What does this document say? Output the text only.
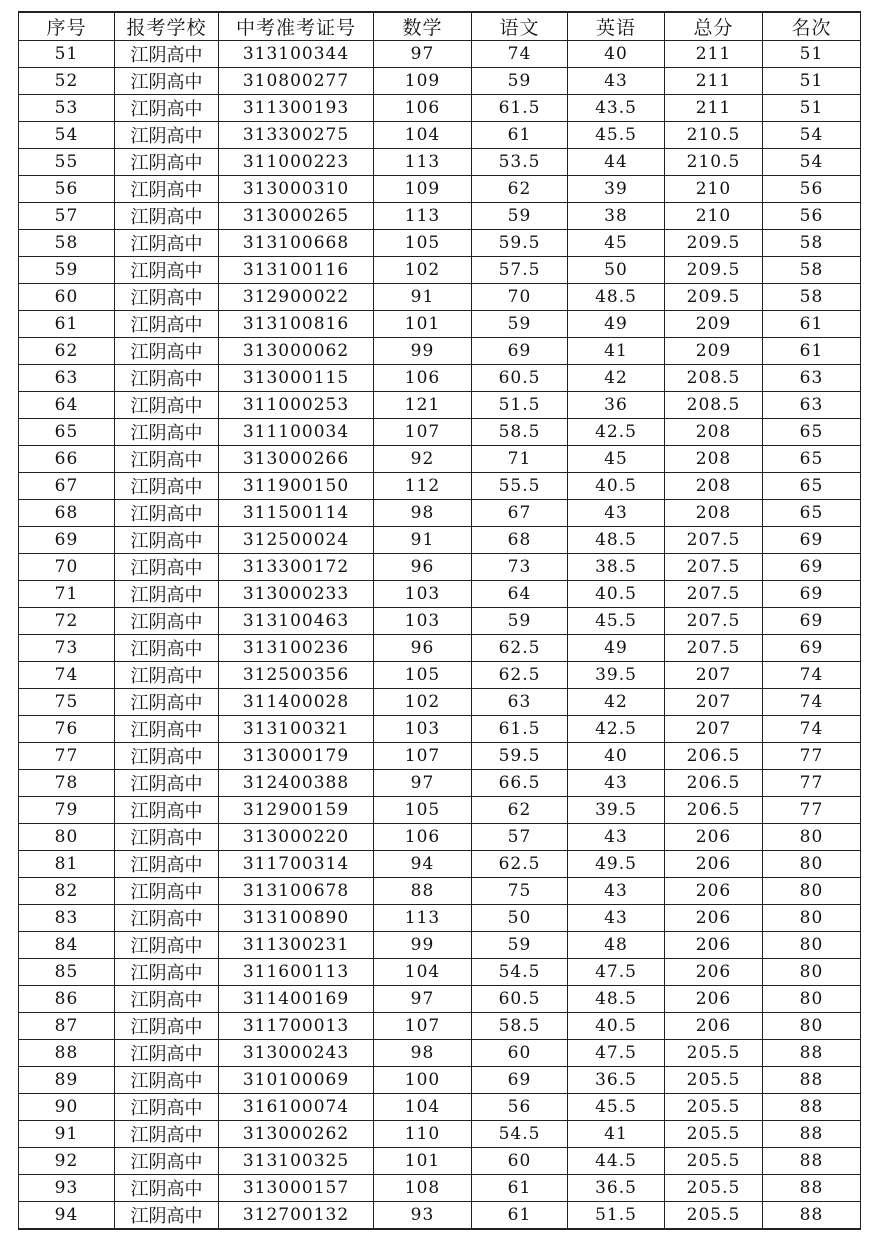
序号	报考学校	中考准考证号	数学	语文	英语	总分	名次
51	江阴高中	313100344	97	74	40	211	51
52	江阴高中	310800277	109	59	43	211	51
53	江阴高中	311300193	106	61.5	43.5	211	51
54	江阴高中	313300275	104	61	45.5	210.5	54
55	江阴高中	311000223	113	53.5	44	210.5	54
56	江阴高中	313000310	109	62	39	210	56
57	江阴高中	313000265	113	59	38	210	56
58	江阴高中	313100668	105	59.5	45	209.5	58
59	江阴高中	313100116	102	57.5	50	209.5	58
60	江阴高中	312900022	91	70	48.5	209.5	58
61	江阴高中	313100816	101	59	49	209	61
62	江阴高中	313000062	99	69	41	209	61
63	江阴高中	313000115	106	60.5	42	208.5	63
64	江阴高中	311000253	121	51.5	36	208.5	63
65	江阴高中	311100034	107	58.5	42.5	208	65
66	江阴高中	313000266	92	71	45	208	65
67	江阴高中	311900150	112	55.5	40.5	208	65
68	江阴高中	311500114	98	67	43	208	65
69	江阴高中	312500024	91	68	48.5	207.5	69
70	江阴高中	313300172	96	73	38.5	207.5	69
71	江阴高中	313000233	103	64	40.5	207.5	69
72	江阴高中	313100463	103	59	45.5	207.5	69
73	江阴高中	313100236	96	62.5	49	207.5	69
74	江阴高中	312500356	105	62.5	39.5	207	74
75	江阴高中	311400028	102	63	42	207	74
76	江阴高中	313100321	103	61.5	42.5	207	74
77	江阴高中	313000179	107	59.5	40	206.5	77
78	江阴高中	312400388	97	66.5	43	206.5	77
79	江阴高中	312900159	105	62	39.5	206.5	77
80	江阴高中	313000220	106	57	43	206	80
81	江阴高中	311700314	94	62.5	49.5	206	80
82	江阴高中	313100678	88	75	43	206	80
83	江阴高中	313100890	113	50	43	206	80
84	江阴高中	311300231	99	59	48	206	80
85	江阴高中	311600113	104	54.5	47.5	206	80
86	江阴高中	311400169	97	60.5	48.5	206	80
87	江阴高中	311700013	107	58.5	40.5	206	80
88	江阴高中	313000243	98	60	47.5	205.5	88
89	江阴高中	310100069	100	69	36.5	205.5	88
90	江阴高中	316100074	104	56	45.5	205.5	88
91	江阴高中	313000262	110	54.5	41	205.5	88
92	江阴高中	313100325	101	60	44.5	205.5	88
93	江阴高中	313000157	108	61	36.5	205.5	88
94	江阴高中	312700132	93	61	51.5	205.5	88
